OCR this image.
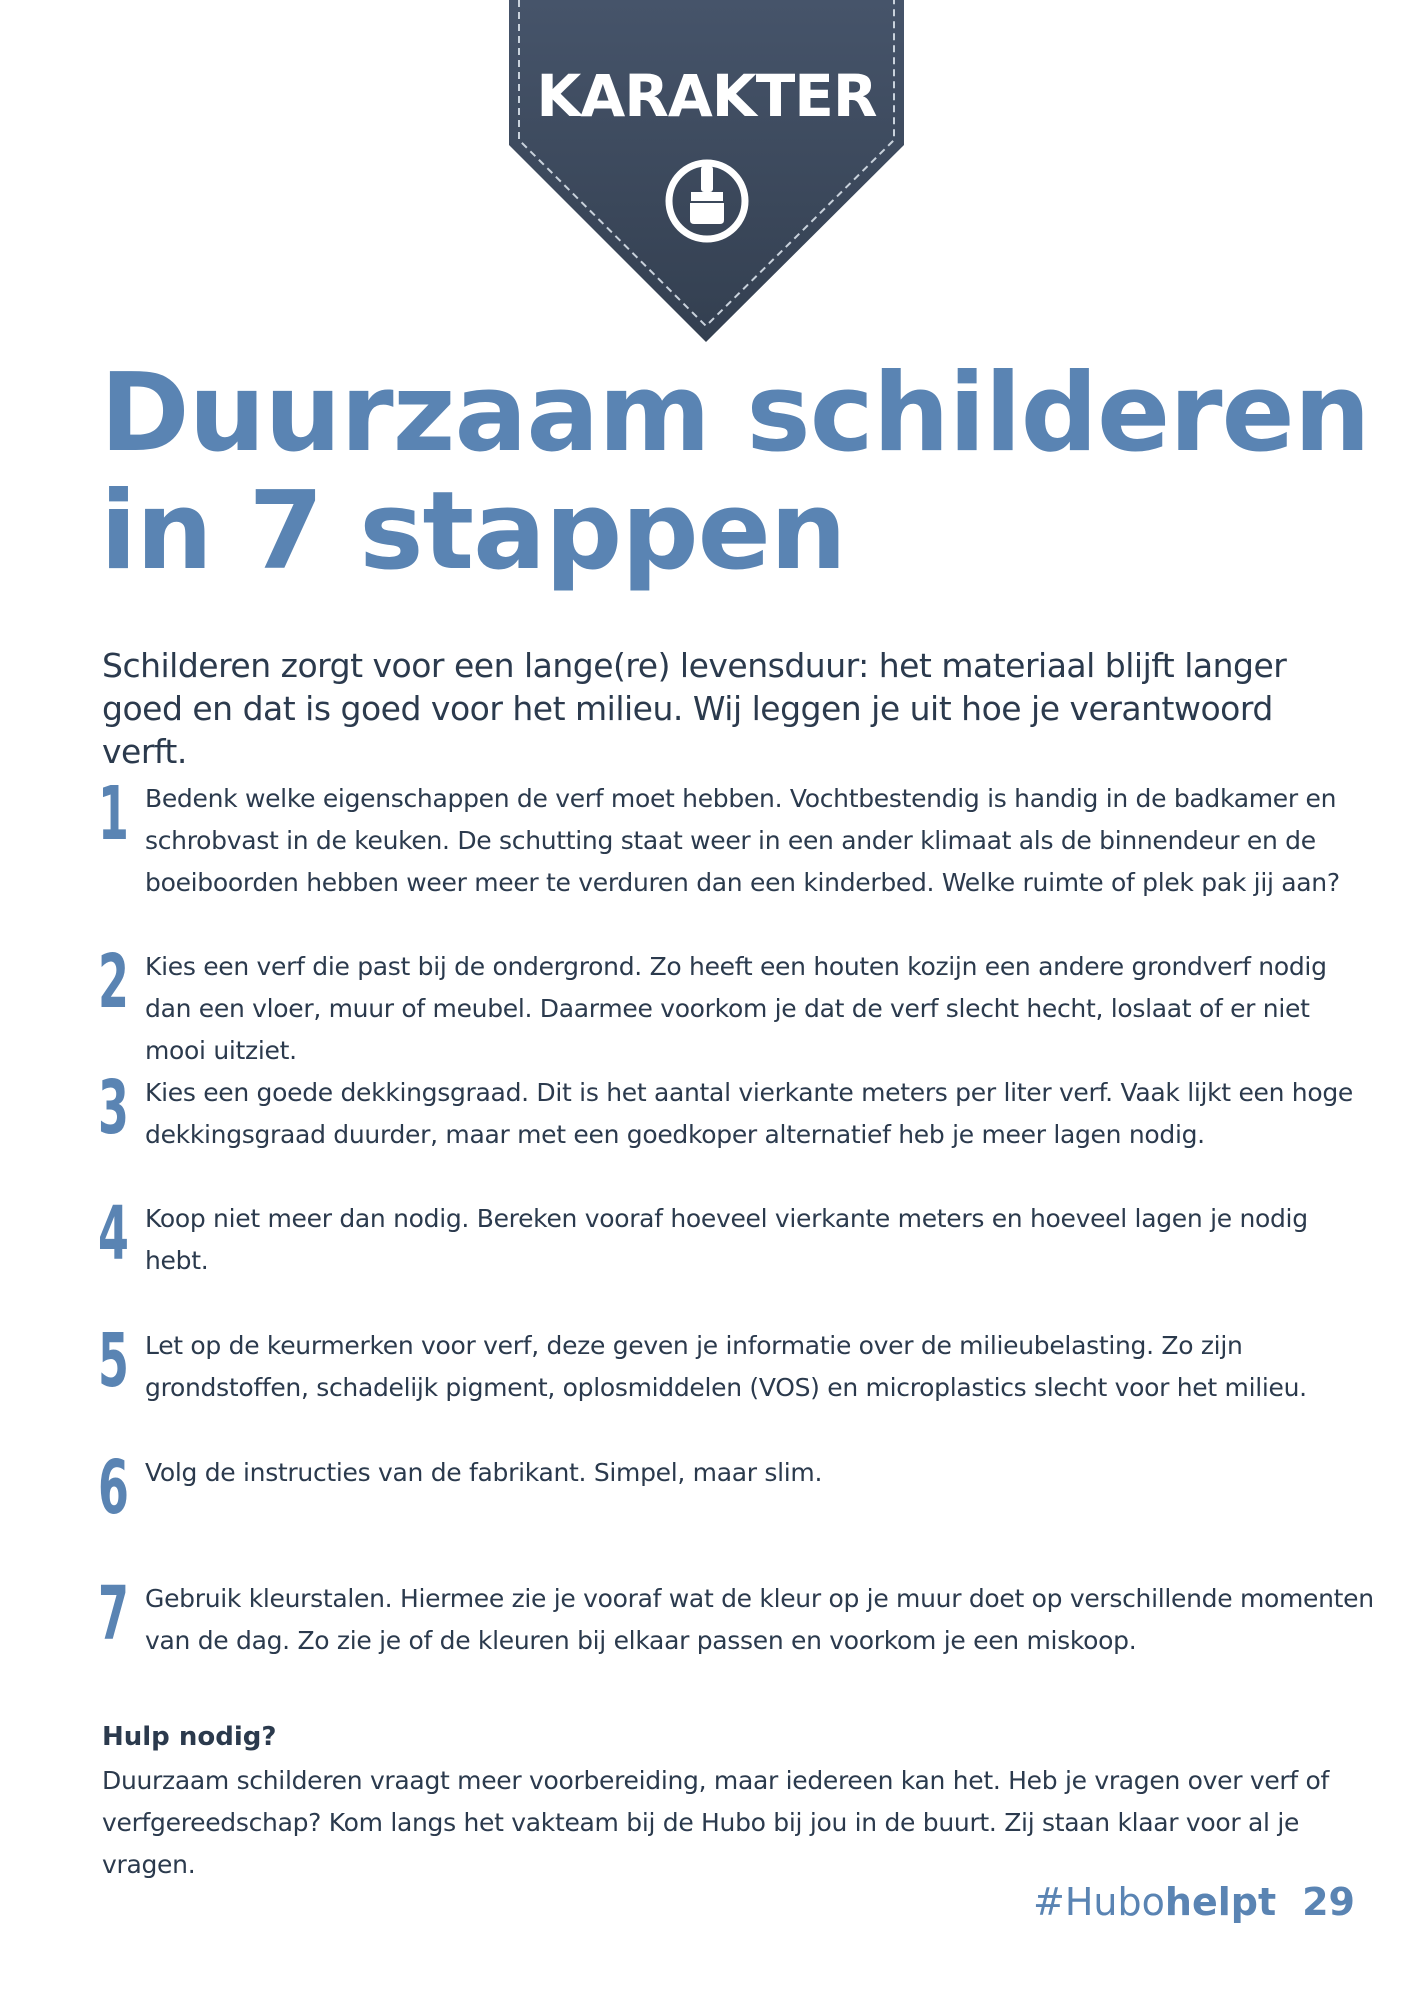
KARAKTER
Duurzaam schilderen
in 7 stappen
Schilderen zorgt voor een lange(re) levensduur: het materiaal blijft langer goed en dat is goed voor het milieu. Wij leggen je uit hoe je verantwoord verft.
1 Bedenk welke eigenschappen de verf moet hebben. Vochtbestendig is handig in de badkamer en schrobvast in de keuken. De schutting staat weer in een ander klimaat als de binnendeur en de boeiboorden hebben weer meer te verduren dan een kinderbed. Welke ruimte of plek pak jij aan?
2 Kies een verf die past bij de ondergrond. Zo heeft een houten kozijn een andere grondverf nodig dan een vloer, muur of meubel. Daarmee voorkom je dat de verf slecht hecht, loslaat of er niet mooi uitziet.
3 Kies een goede dekkingsgraad. Dit is het aantal vierkante meters per liter verf. Vaak lijkt een hoge dekkingsgraad duurder, maar met een goedkoper alternatief heb je meer lagen nodig.
4 Koop niet meer dan nodig. Bereken vooraf hoeveel vierkante meters en hoeveel lagen je nodig hebt.
5 Let op de keurmerken voor verf, deze geven je informatie over de milieubelasting. Zo zijn grondstoffen, schadelijk pigment, oplosmiddelen (VOS) en microplastics slecht voor het milieu.
6 Volg de instructies van de fabrikant. Simpel, maar slim.
7 Gebruik kleurstalen. Hiermee zie je vooraf wat de kleur op je muur doet op verschillende momenten van de dag. Zo zie je of de kleuren bij elkaar passen en voorkom je een miskoop.
Hulp nodig?
Duurzaam schilderen vraagt meer voorbereiding, maar iedereen kan het. Heb je vragen over verf of verfgereedschap? Kom langs het vakteam bij de Hubo bij jou in de buurt. Zij staan klaar voor al je vragen.
#Hubohelpt 29
